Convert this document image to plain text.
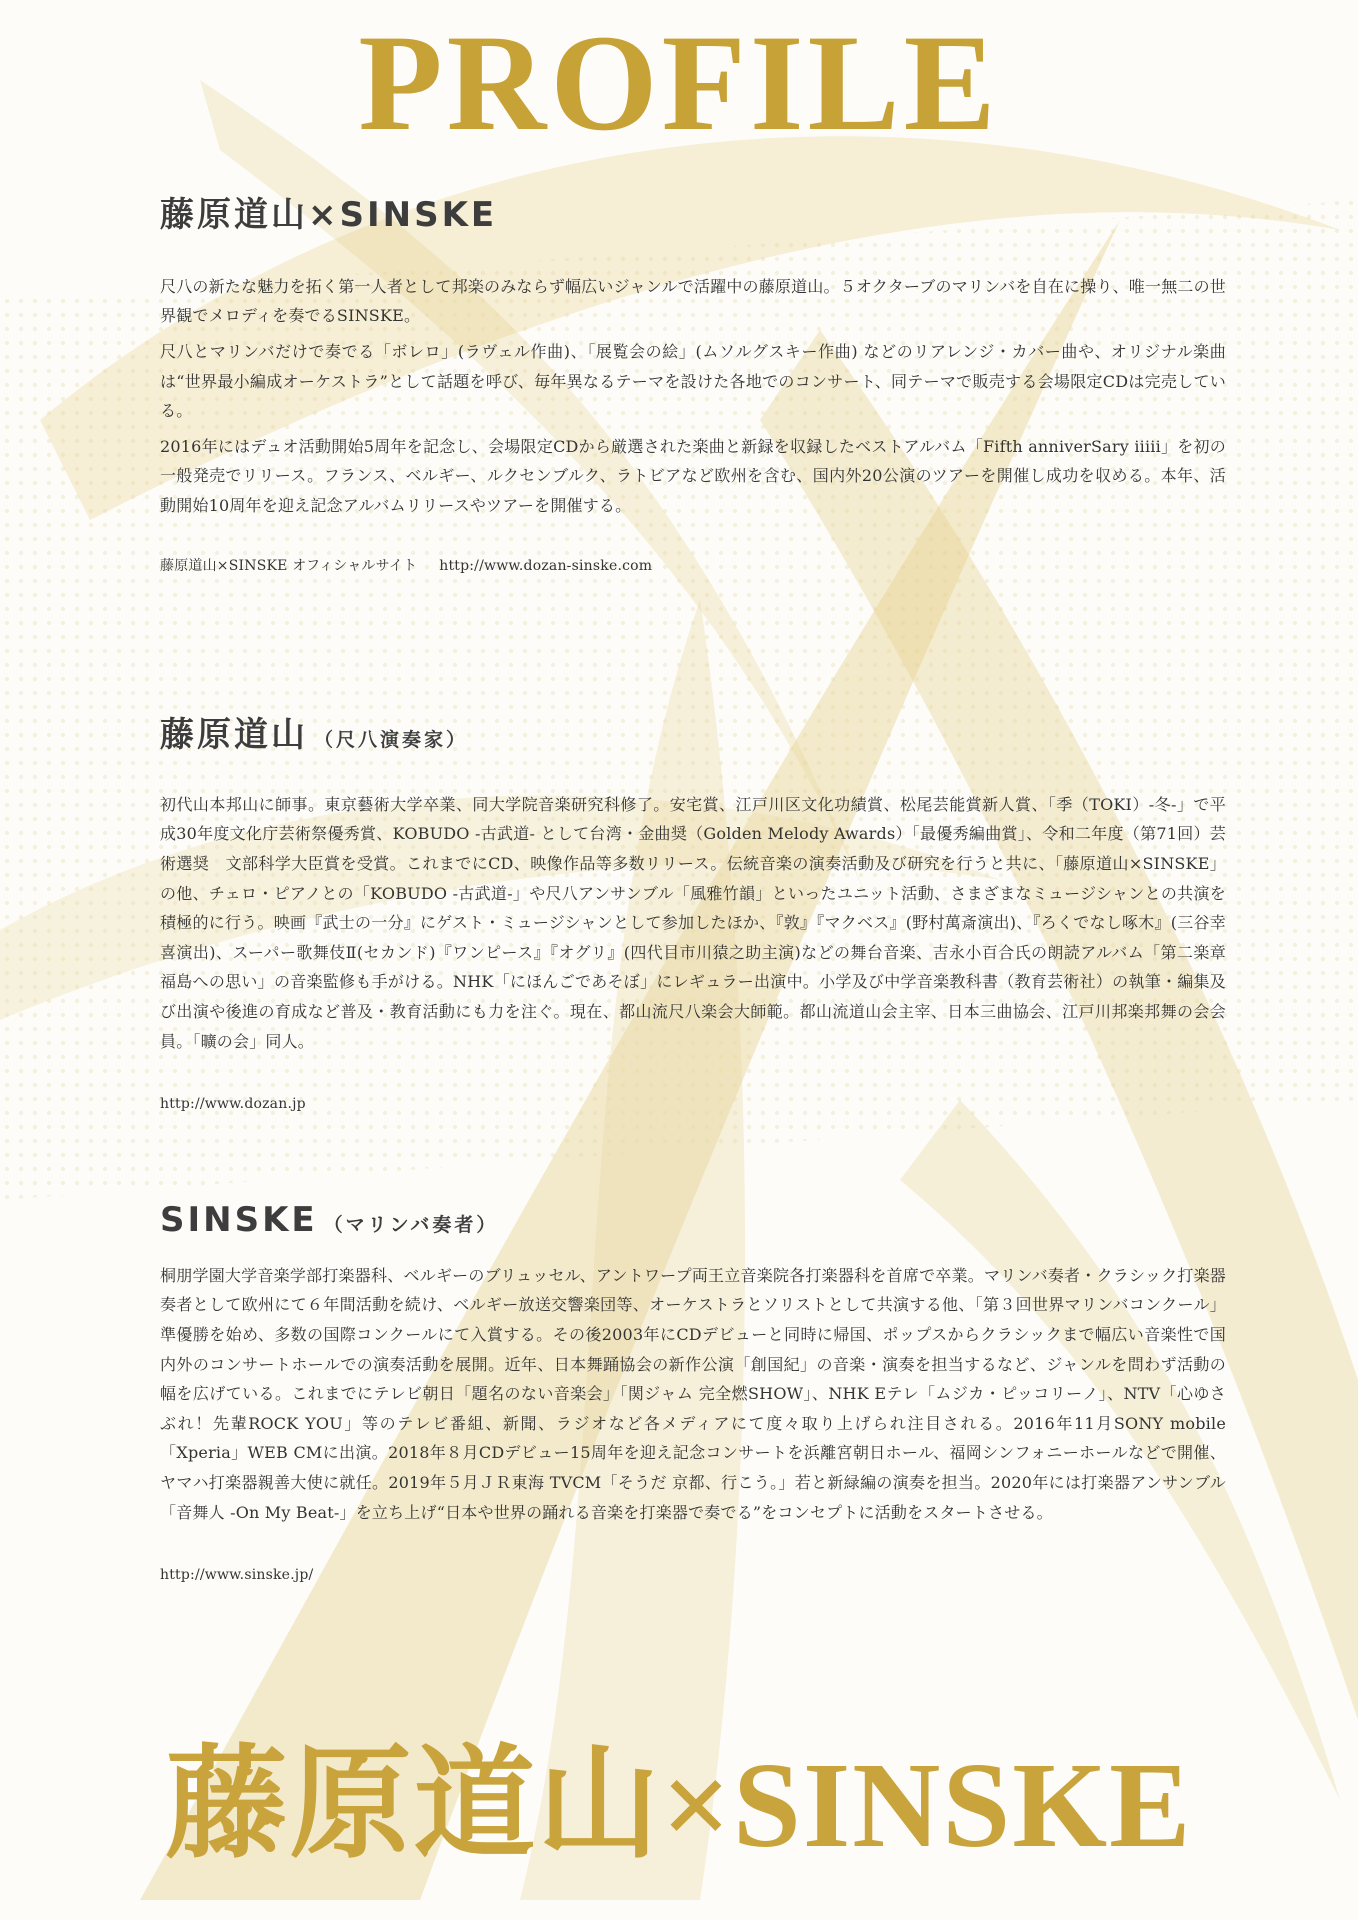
PROFILE
藤原道山×SINSKE

尺八の新たな魅力を拓く第一人者として邦楽のみならず幅広いジャンルで活躍中の藤原道山。５オクターブのマリンバを自在に操り、唯一無二の世界観でメロディを奏でるSINSKE。

尺八とマリンバだけで奏でる「ボレロ」(ラヴェル作曲)、「展覧会の絵」(ムソルグスキー作曲) などのリアレンジ・カバー曲や、オリジナル楽曲は“世界最小編成オーケストラ”として話題を呼び、毎年異なるテーマを設けた各地でのコンサート、同テーマで販売する会場限定CDは完売している。

2016年にはデュオ活動開始5周年を記念し、会場限定CDから厳選された楽曲と新録を収録したベストアルバム「Fifth anniverSary iiiii」を初の一般発売でリリース。フランス、ベルギー、ルクセンブルク、ラトビアなど欧州を含む、国内外20公演のツアーを開催し成功を収める。本年、活動開始10周年を迎え記念アルバムリリースやツアーを開催する。

藤原道山×SINSKE オフィシャルサイト http://www.dozan-sinske.com
藤原道山 （尺八演奏家）

初代山本邦山に師事。東京藝術大学卒業、同大学院音楽研究科修了。安宅賞、江戸川区文化功績賞、松尾芸能賞新人賞、「季（TOKI）-冬-」で平成30年度文化庁芸術祭優秀賞、KOBUDO -古武道- として台湾・金曲奨（Golden Melody Awards）「最優秀編曲賞」、令和二年度（第71回）芸術選奨　文部科学大臣賞を受賞。これまでにCD、映像作品等多数リリース。伝統音楽の演奏活動及び研究を行うと共に、「藤原道山×SINSKE」の他、チェロ・ピアノとの「KOBUDO -古武道-」や尺八アンサンブル「風雅竹韻」といったユニット活動、さまざまなミュージシャンとの共演を積極的に行う。映画『武士の一分』にゲスト・ミュージシャンとして参加したほか、『敦』『マクベス』(野村萬斎演出)、『ろくでなし啄木』(三谷幸喜演出)、スーパー歌舞伎Ⅱ(セカンド)『ワンピース』『オグリ』(四代目市川猿之助主演)などの舞台音楽、吉永小百合氏の朗読アルバム「第二楽章　福島への思い」の音楽監修も手がける。NHK「にほんごであそぼ」にレギュラー出演中。小学及び中学音楽教科書（教育芸術社）の執筆・編集及び出演や後進の育成など普及・教育活動にも力を注ぐ。現在、都山流尺八楽会大師範。都山流道山会主宰、日本三曲協会、江戸川邦楽邦舞の会会員。「曠の会」同人。

http://www.dozan.jp
SINSKE （マリンバ奏者）

桐朋学園大学音楽学部打楽器科、ベルギーのブリュッセル、アントワープ両王立音楽院各打楽器科を首席で卒業。マリンバ奏者・クラシック打楽器奏者として欧州にて６年間活動を続け、ベルギー放送交響楽団等、オーケストラとソリストとして共演する他、「第３回世界マリンバコンクール」準優勝を始め、多数の国際コンクールにて入賞する。その後2003年にCDデビューと同時に帰国、ポップスからクラシックまで幅広い音楽性で国内外のコンサートホールでの演奏活動を展開。近年、日本舞踊協会の新作公演「創国紀」の音楽・演奏を担当するなど、ジャンルを問わず活動の幅を広げている。これまでにテレビ朝日「題名のない音楽会」「関ジャム 完全燃SHOW」、NHK Eテレ「ムジカ・ピッコリーノ」、NTV「心ゆさぶれ！先輩ROCK YOU」等のテレビ番組、新聞、ラジオなど各メディアにて度々取り上げられ注目される。2016年11月SONY mobile「Xperia」WEB CMに出演。2018年８月CDデビュー15周年を迎え記念コンサートを浜離宮朝日ホール、福岡シンフォニーホールなどで開催、ヤマハ打楽器親善大使に就任。2019年５月ＪＲ東海 TVCM「そうだ 京都、行こう。」若と新緑編の演奏を担当。2020年には打楽器アンサンブル「音舞人 -On My Beat-」を立ち上げ“日本や世界の踊れる音楽を打楽器で奏でる”をコンセプトに活動をスタートさせる。

http://www.sinske.jp/
藤原道山×SINSKE
